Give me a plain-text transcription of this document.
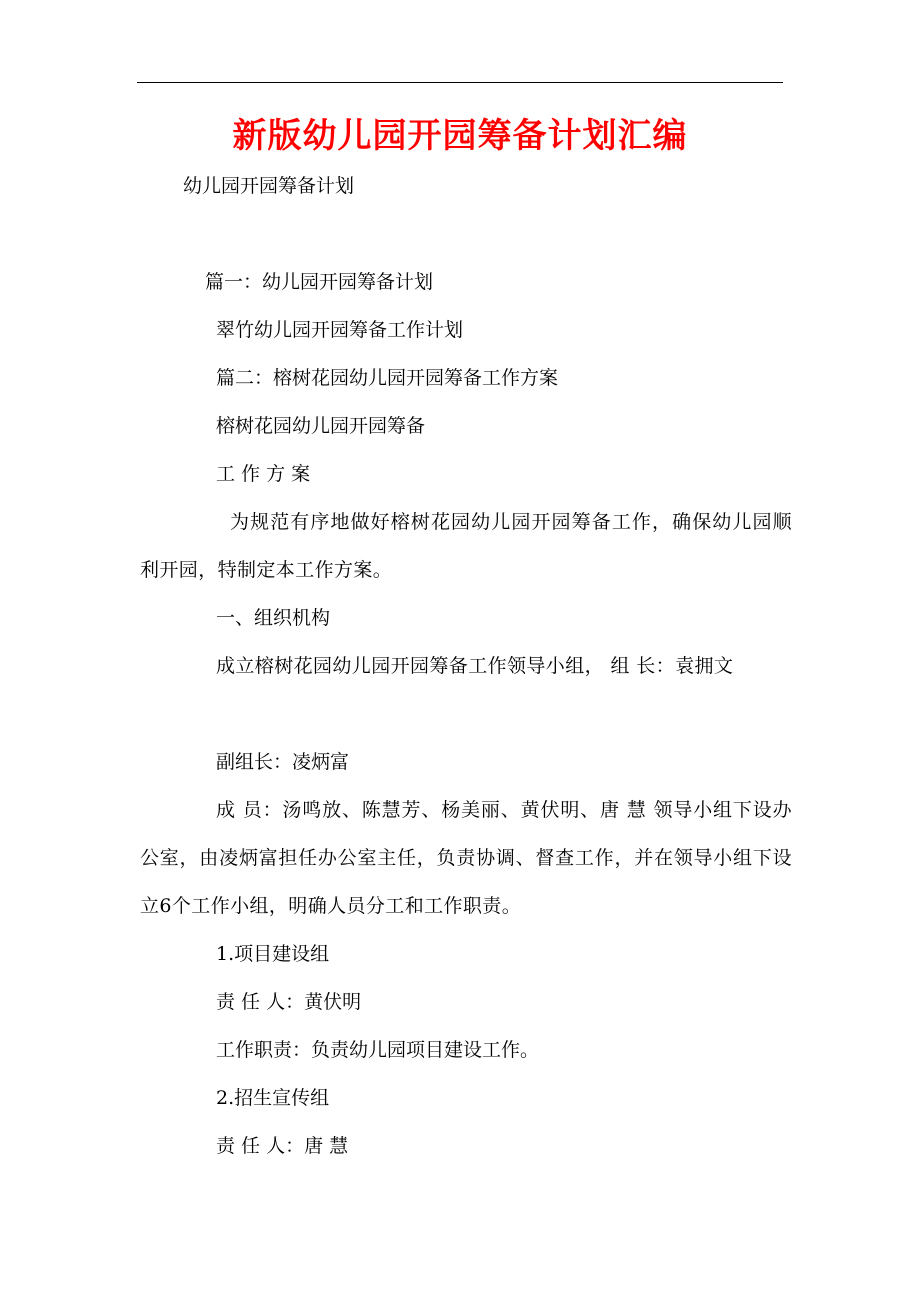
新版幼儿园开园筹备计划汇编
幼儿园开园筹备计划
篇一：幼儿园开园筹备计划
翠竹幼儿园开园筹备工作计划
篇二：榕树花园幼儿园开园筹备工作方案
榕树花园幼儿园开园筹备
工 作 方 案
为规范有序地做好榕树花园幼儿园开园筹备工作，确保幼儿园顺利开园，特制定本工作方案。
一、组织机构
成立榕树花园幼儿园开园筹备工作领导小组， 组 长：袁拥文
副组长：凌炳富
成 员：汤鸣放、陈慧芳、杨美丽、黄伏明、唐 慧 领导小组下设办公室，由凌炳富担任办公室主任，负责协调、督查工作，并在领导小组下设立6个工作小组，明确人员分工和工作职责。
1.项目建设组
责 任 人：黄伏明
工作职责：负责幼儿园项目建设工作。
2.招生宣传组
责 任 人：唐 慧
